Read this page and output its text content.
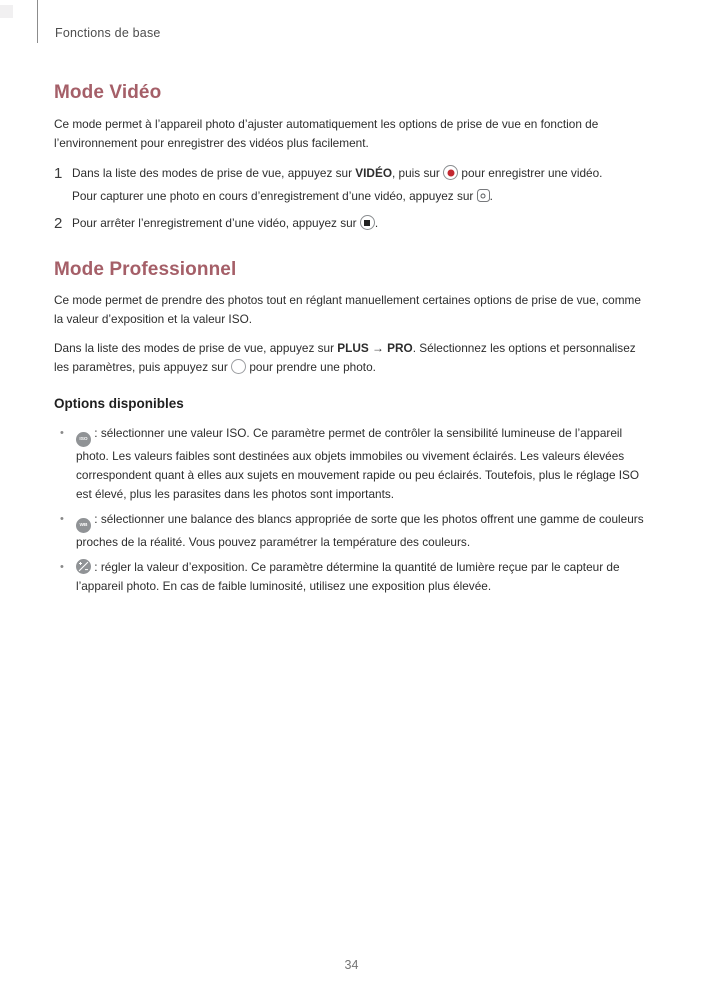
Fonctions de base
Mode Vidéo

Ce mode permet à l’appareil photo d’ajuster automatiquement les options de prise de vue en fonction de l’environnement pour enregistrer des vidéos plus facilement.

1 Dans la liste des modes de prise de vue, appuyez sur VIDÉO, puis sur
pour enregistrer une vidéo.
Pour capturer une photo en cours d’enregistrement d’une vidéo, appuyez sur
.
2 Pour arrêter l’enregistrement d’une vidéo, appuyez sur
.
Mode Professionnel

Ce mode permet de prendre des photos tout en réglant manuellement certaines options de prise de vue, comme la valeur d’exposition et la valeur ISO.

Dans la liste des modes de prise de vue, appuyez sur PLUS → PRO. Sélectionnez les options et personnalisez les paramètres, puis appuyez sur  pour prendre une photo.

Options disponibles
•
ISO : sélectionner une valeur ISO. Ce paramètre permet de contrôler la sensibilité lumineuse de l’appareil photo. Les valeurs faibles sont destinées aux objets immobiles ou vivement éclairés. Les valeurs élevées correspondent quant à elles aux sujets en mouvement rapide ou peu éclairés. Toutefois, plus le réglage ISO est élevé, plus les parasites dans les photos sont importants.
•
WB : sélectionner une balance des blancs appropriée de sorte que les photos offrent une gamme de couleurs proches de la réalité. Vous pouvez paramétrer la température des couleurs.
•	: régler la valeur d’exposition. Ce paramètre détermine la quantité de lumière reçue par le capteur de l’appareil photo. En cas de faible luminosité, utilisez une exposition plus élevée.
34
